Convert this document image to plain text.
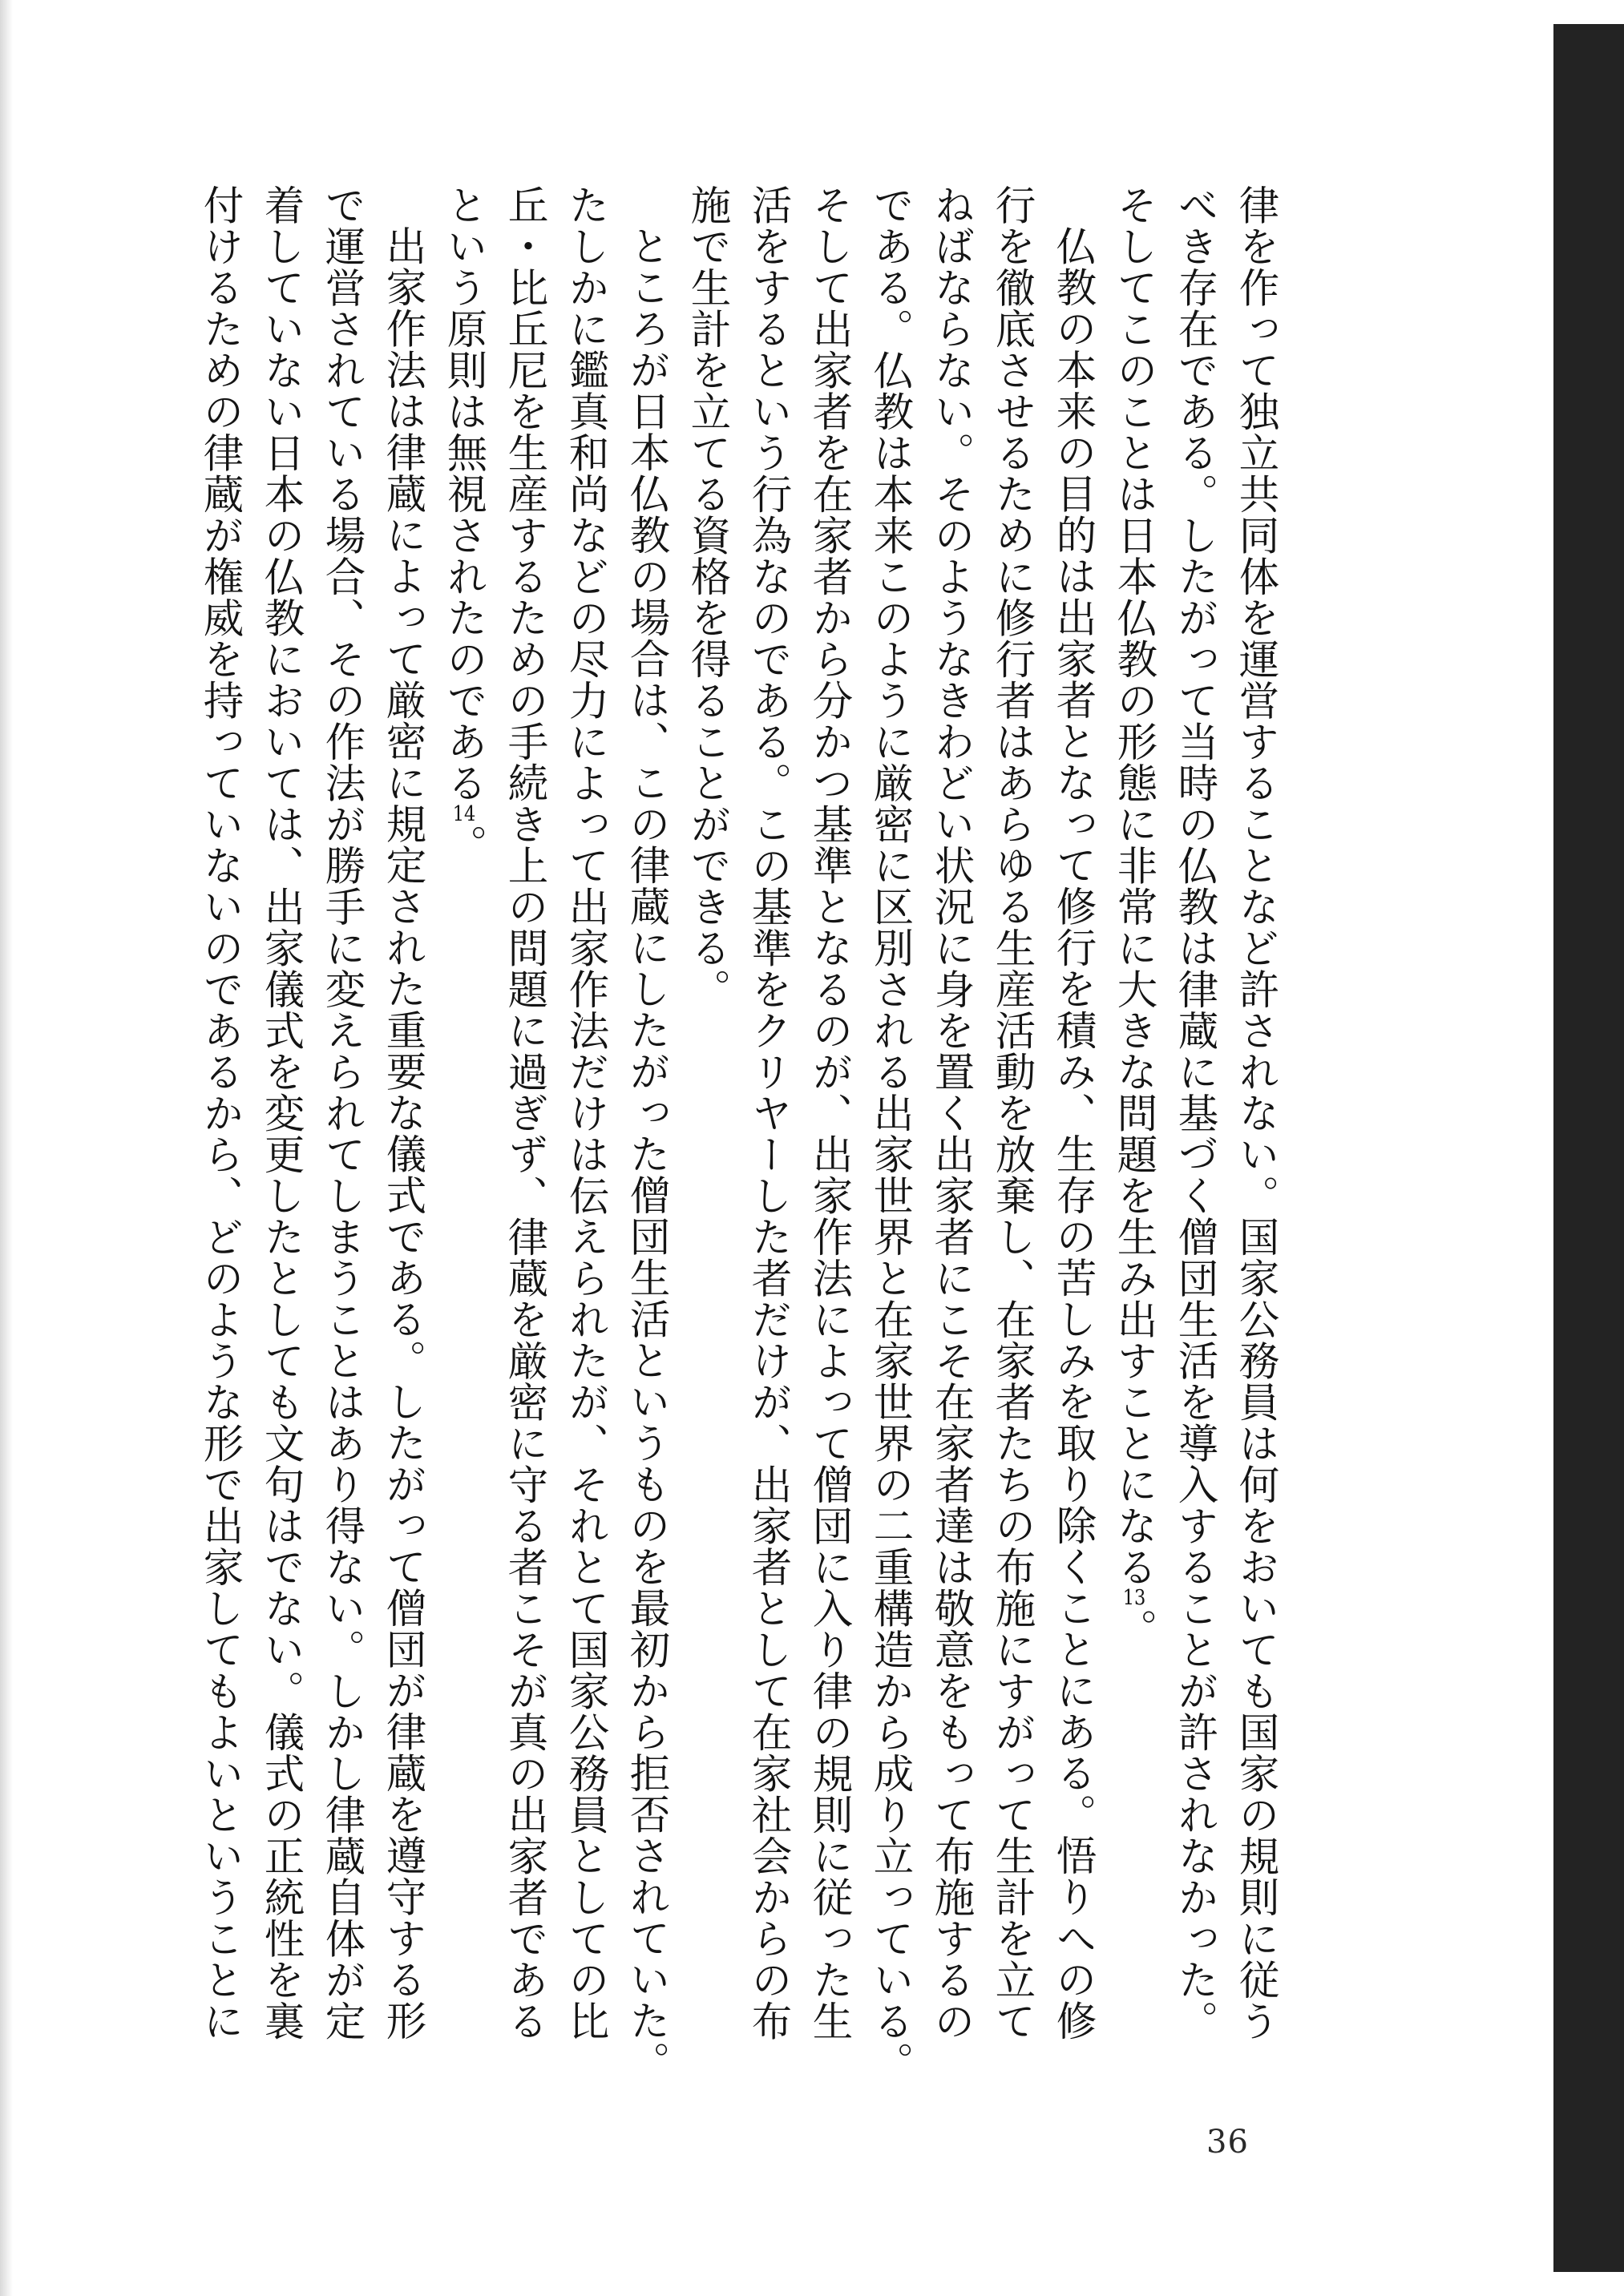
律を作って独立共同体を運営することなど許されない。国家公務員は何をおいても国家の規則に従う

べき存在である。したがって当時の仏教は律蔵に基づく僧団生活を導入することが許されなかった。

そしてこのことは日本仏教の形態に非常に大きな問題を生み出すことになる13。

仏教の本来の目的は出家者となって修行を積み、生存の苦しみを取り除くことにある。悟りへの修

行を徹底させるために修行者はあらゆる生産活動を放棄し、在家者たちの布施にすがって生計を立て

ねばならない。そのようなきわどい状況に身を置く出家者にこそ在家者達は敬意をもって布施するの

である。仏教は本来このように厳密に区別される出家世界と在家世界の二重構造から成り立っている。

そして出家者を在家者から分かつ基準となるのが、出家作法によって僧団に入り律の規則に従った生

活をするという行為なのである。この基準をクリヤーした者だけが、出家者として在家社会からの布

施で生計を立てる資格を得ることができる。

ところが日本仏教の場合は、この律蔵にしたがった僧団生活というものを最初から拒否されていた。

たしかに鑑真和尚などの尽力によって出家作法だけは伝えられたが、それとて国家公務員としての比

丘・比丘尼を生産するための手続き上の問題に過ぎず、律蔵を厳密に守る者こそが真の出家者である

という原則は無視されたのである14。

出家作法は律蔵によって厳密に規定された重要な儀式である。したがって僧団が律蔵を遵守する形

で運営されている場合、その作法が勝手に変えられてしまうことはあり得ない。しかし律蔵自体が定

着していない日本の仏教においては、出家儀式を変更したとしても文句はでない。儀式の正統性を裏

付けるための律蔵が権威を持っていないのであるから、どのような形で出家してもよいということに

36
